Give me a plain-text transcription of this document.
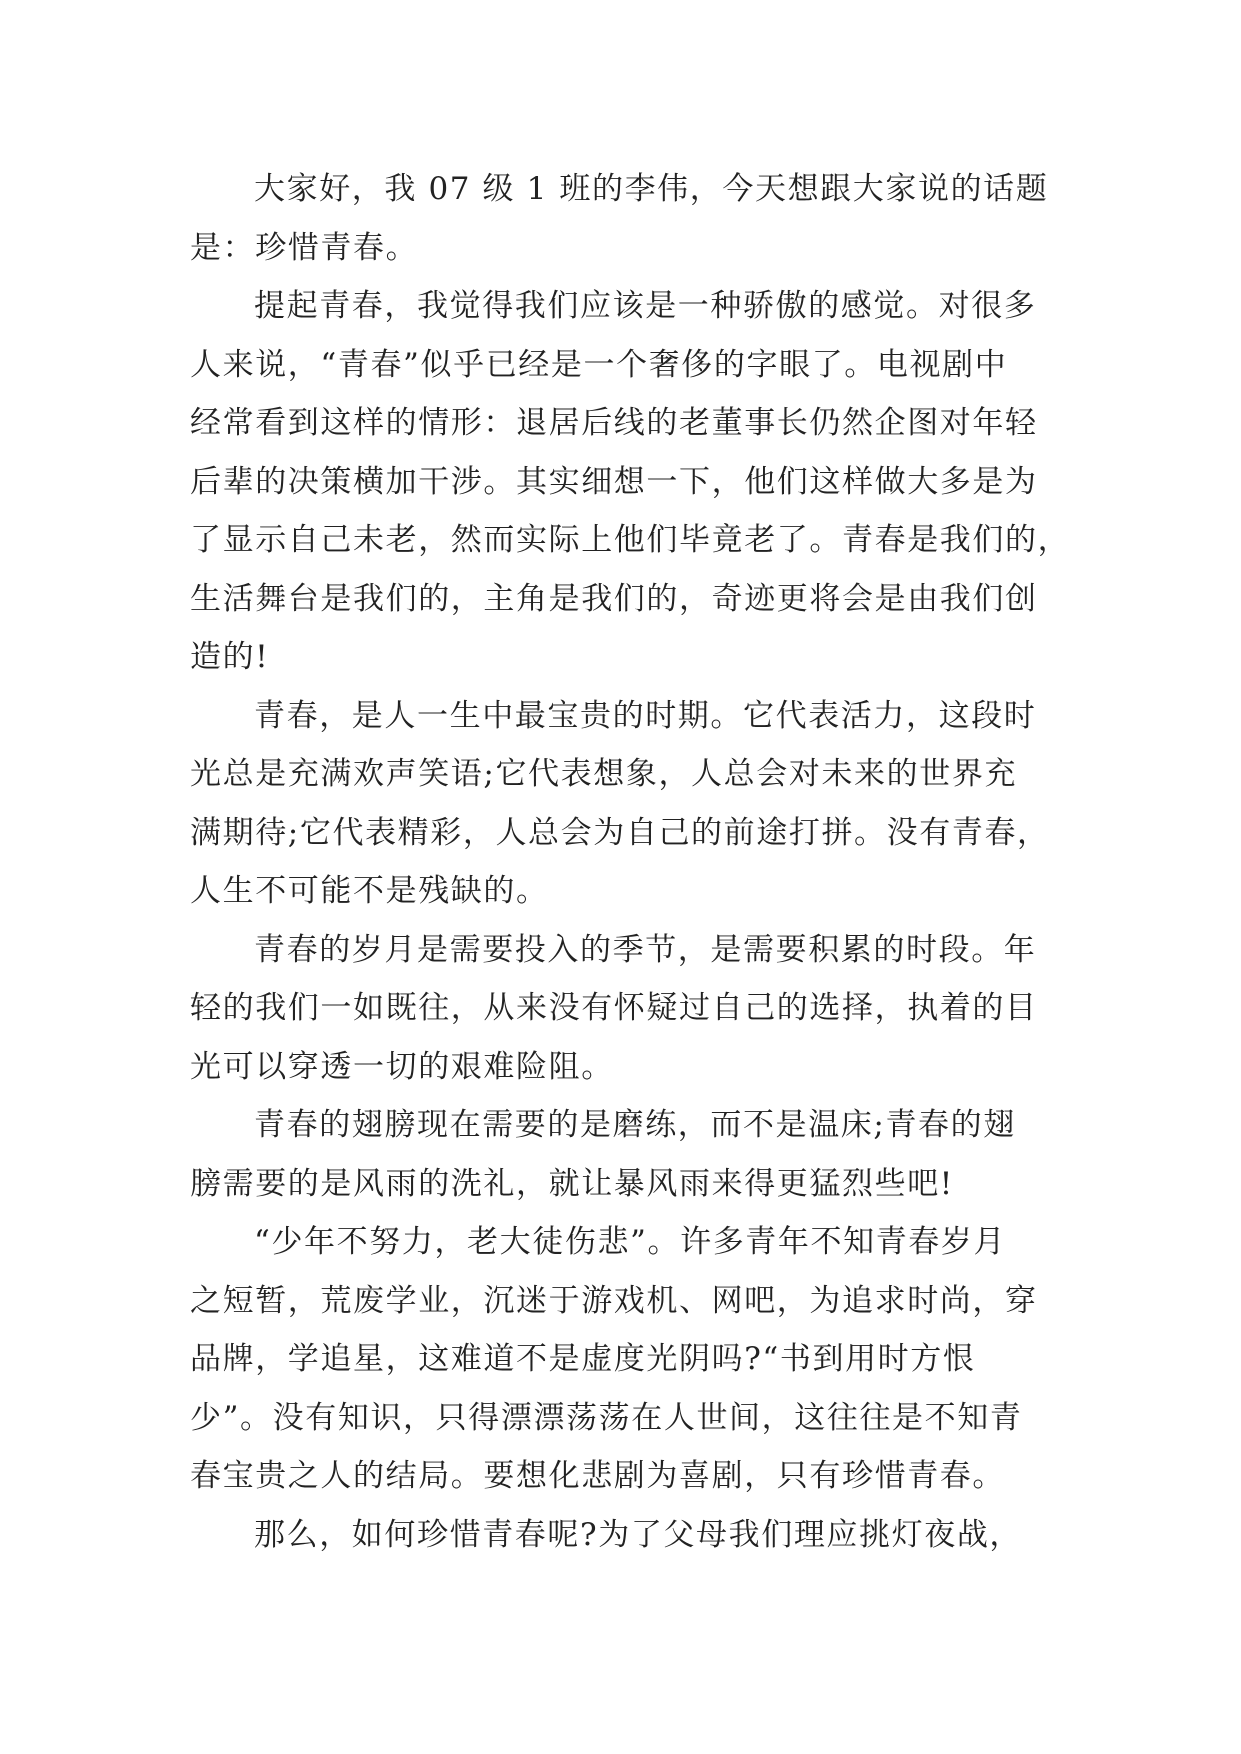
大家好，我 07 级 1 班的李伟，今天想跟大家说的话题
是：珍惜青春。
提起青春，我觉得我们应该是一种骄傲的感觉。对很多
人来说，“青春”似乎已经是一个奢侈的字眼了。电视剧中
经常看到这样的情形：退居后线的老董事长仍然企图对年轻
后辈的决策横加干涉。其实细想一下，他们这样做大多是为
了显示自己未老，然而实际上他们毕竟老了。青春是我们的，
生活舞台是我们的，主角是我们的，奇迹更将会是由我们创
造的!
青春，是人一生中最宝贵的时期。它代表活力，这段时
光总是充满欢声笑语;它代表想象，人总会对未来的世界充
满期待;它代表精彩，人总会为自己的前途打拼。没有青春，
人生不可能不是残缺的。
青春的岁月是需要投入的季节，是需要积累的时段。年
轻的我们一如既往，从来没有怀疑过自己的选择，执着的目
光可以穿透一切的艰难险阻。
青春的翅膀现在需要的是磨练，而不是温床;青春的翅
膀需要的是风雨的洗礼，就让暴风雨来得更猛烈些吧!
“少年不努力，老大徒伤悲”。许多青年不知青春岁月
之短暂，荒废学业，沉迷于游戏机、网吧，为追求时尚，穿
品牌，学追星，这难道不是虚度光阴吗?“书到用时方恨
少”。没有知识，只得漂漂荡荡在人世间，这往往是不知青
春宝贵之人的结局。要想化悲剧为喜剧，只有珍惜青春。
那么，如何珍惜青春呢?为了父母我们理应挑灯夜战，
